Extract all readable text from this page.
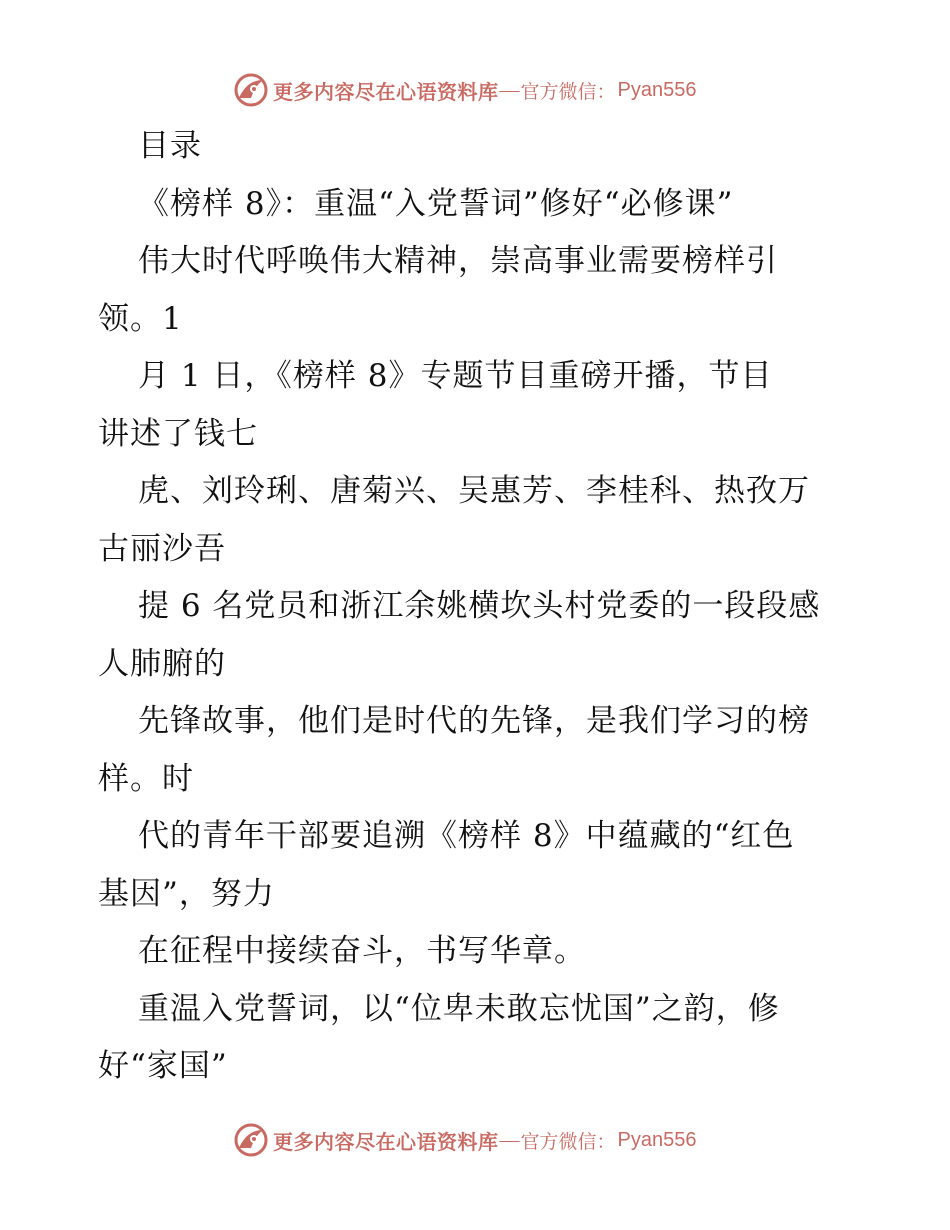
更多内容尽在心语资料库 — 官方微信： Pyan556
目录
《榜样 8》：重温“入党誓词”修好“必修课”
伟大时代呼唤伟大精神，崇高事业需要榜样引
领。1
月 1 日，《榜样 8》专题节目重磅开播，节目
讲述了钱七
虎、刘玲琍、唐菊兴、吴惠芳、李桂科、热孜万
古丽沙吾
提 6 名党员和浙江余姚横坎头村党委的一段段感
人肺腑的
先锋故事，他们是时代的先锋，是我们学习的榜
样。时
代的青年干部要追溯《榜样 8》中蕴藏的“红色
基因”，努力
在征程中接续奋斗，书写华章。
重温入党誓词，以“位卑未敢忘忧国”之韵，修
好“家国”
更多内容尽在心语资料库 — 官方微信： Pyan556
